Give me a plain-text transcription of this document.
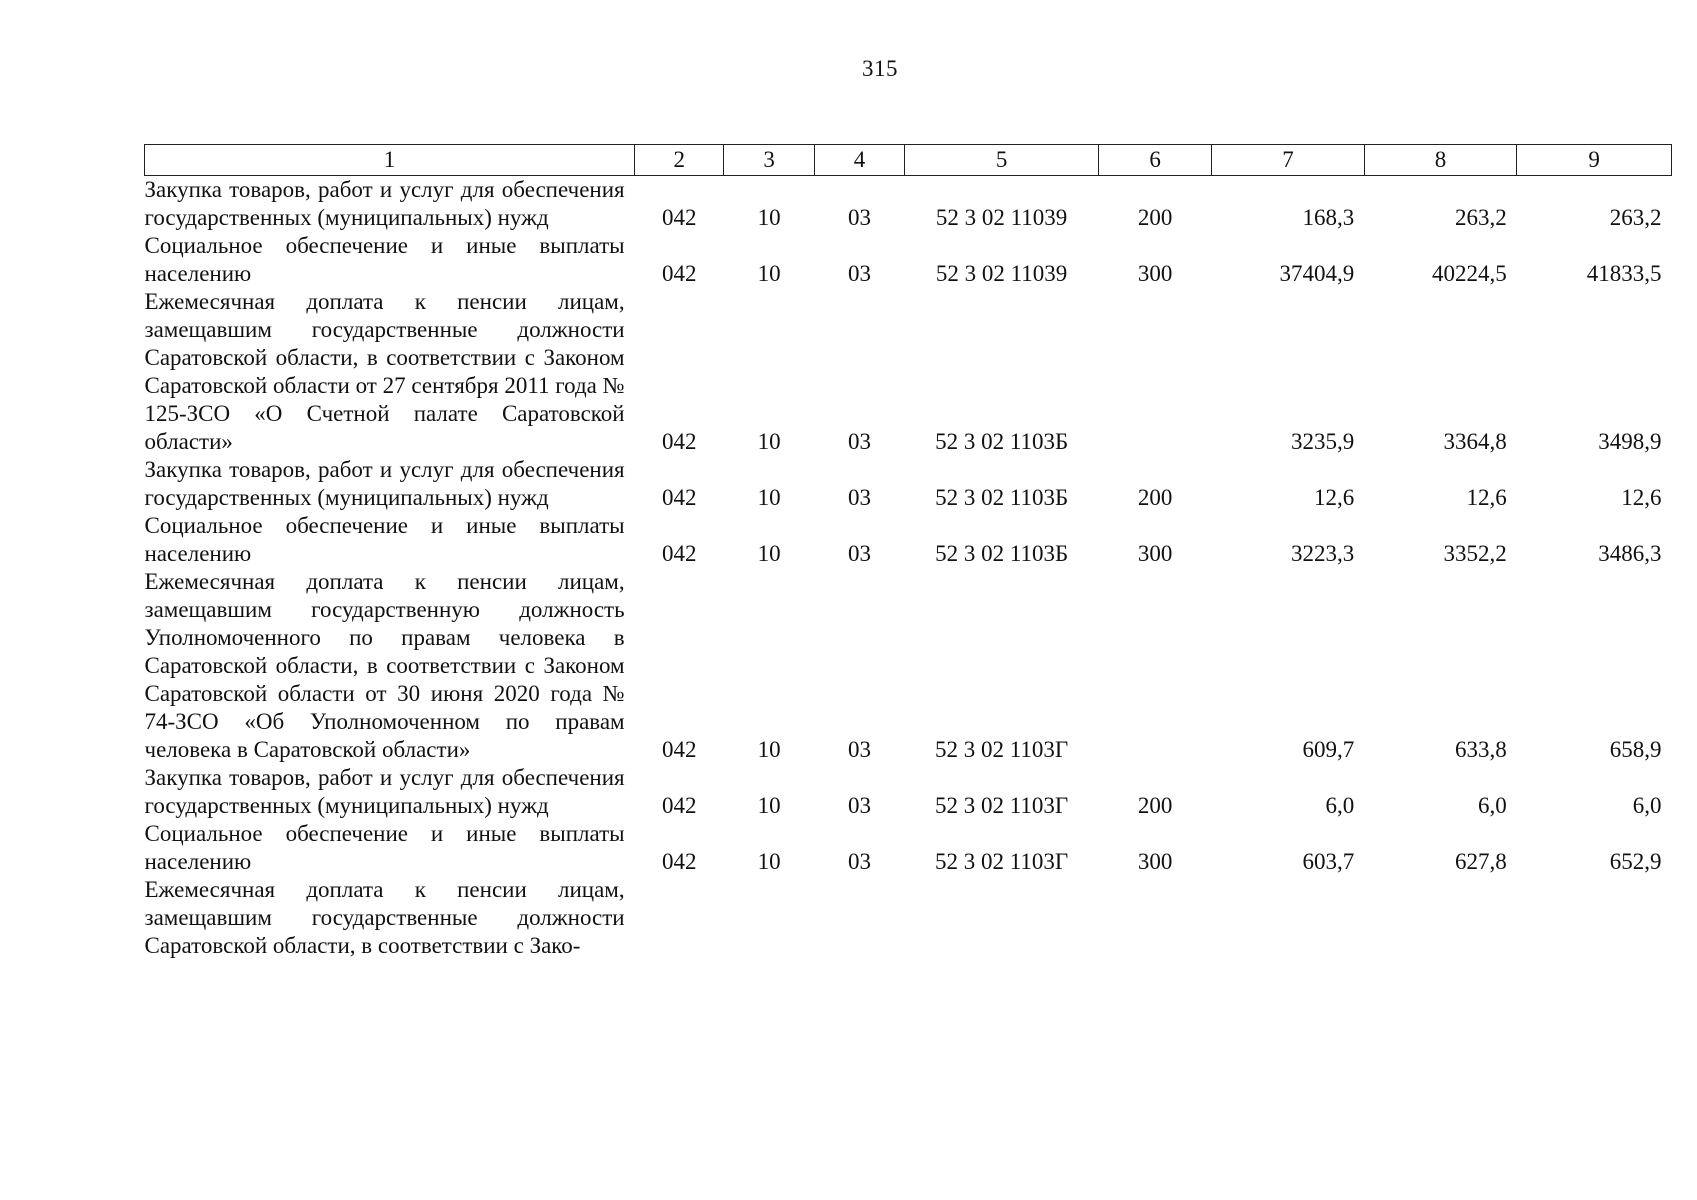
315
1	2	3	4	5	6	7	8	9
Закупка товаров, работ и услуг для обеспечения государственных (муниципальных) нужд	042	10	03	52 3 02 11039	200	168,3	263,2	263,2
Социальное обеспечение и иные выплаты населению	042	10	03	52 3 02 11039	300	37404,9	40224,5	41833,5
Ежемесячная доплата к пенсии лицам, замещавшим государственные должности Саратовской области, в соответствии с Законом Саратовской области от 27 сентября 2011 года № 125-ЗСО «О Счетной палате Саратовской области»	042	10	03	52 3 02 1103Б		3235,9	3364,8	3498,9
Закупка товаров, работ и услуг для обеспечения государственных (муниципальных) нужд	042	10	03	52 3 02 1103Б	200	12,6	12,6	12,6
Социальное обеспечение и иные выплаты населению	042	10	03	52 3 02 1103Б	300	3223,3	3352,2	3486,3
Ежемесячная доплата к пенсии лицам, замещавшим государственную должность Уполномоченного по правам человека в Саратовской области, в соответствии с Законом Саратовской области от 30 июня 2020 года № 74-ЗСО «Об Уполномоченном по правам человека в Саратовской области»	042	10	03	52 3 02 1103Г		609,7	633,8	658,9
Закупка товаров, работ и услуг для обеспечения государственных (муниципальных) нужд	042	10	03	52 3 02 1103Г	200	6,0	6,0	6,0
Социальное обеспечение и иные выплаты населению	042	10	03	52 3 02 1103Г	300	603,7	627,8	652,9
Ежемесячная доплата к пенсии лицам, замещавшим государственные должности Саратовской области, в соответствии с Зако-								
